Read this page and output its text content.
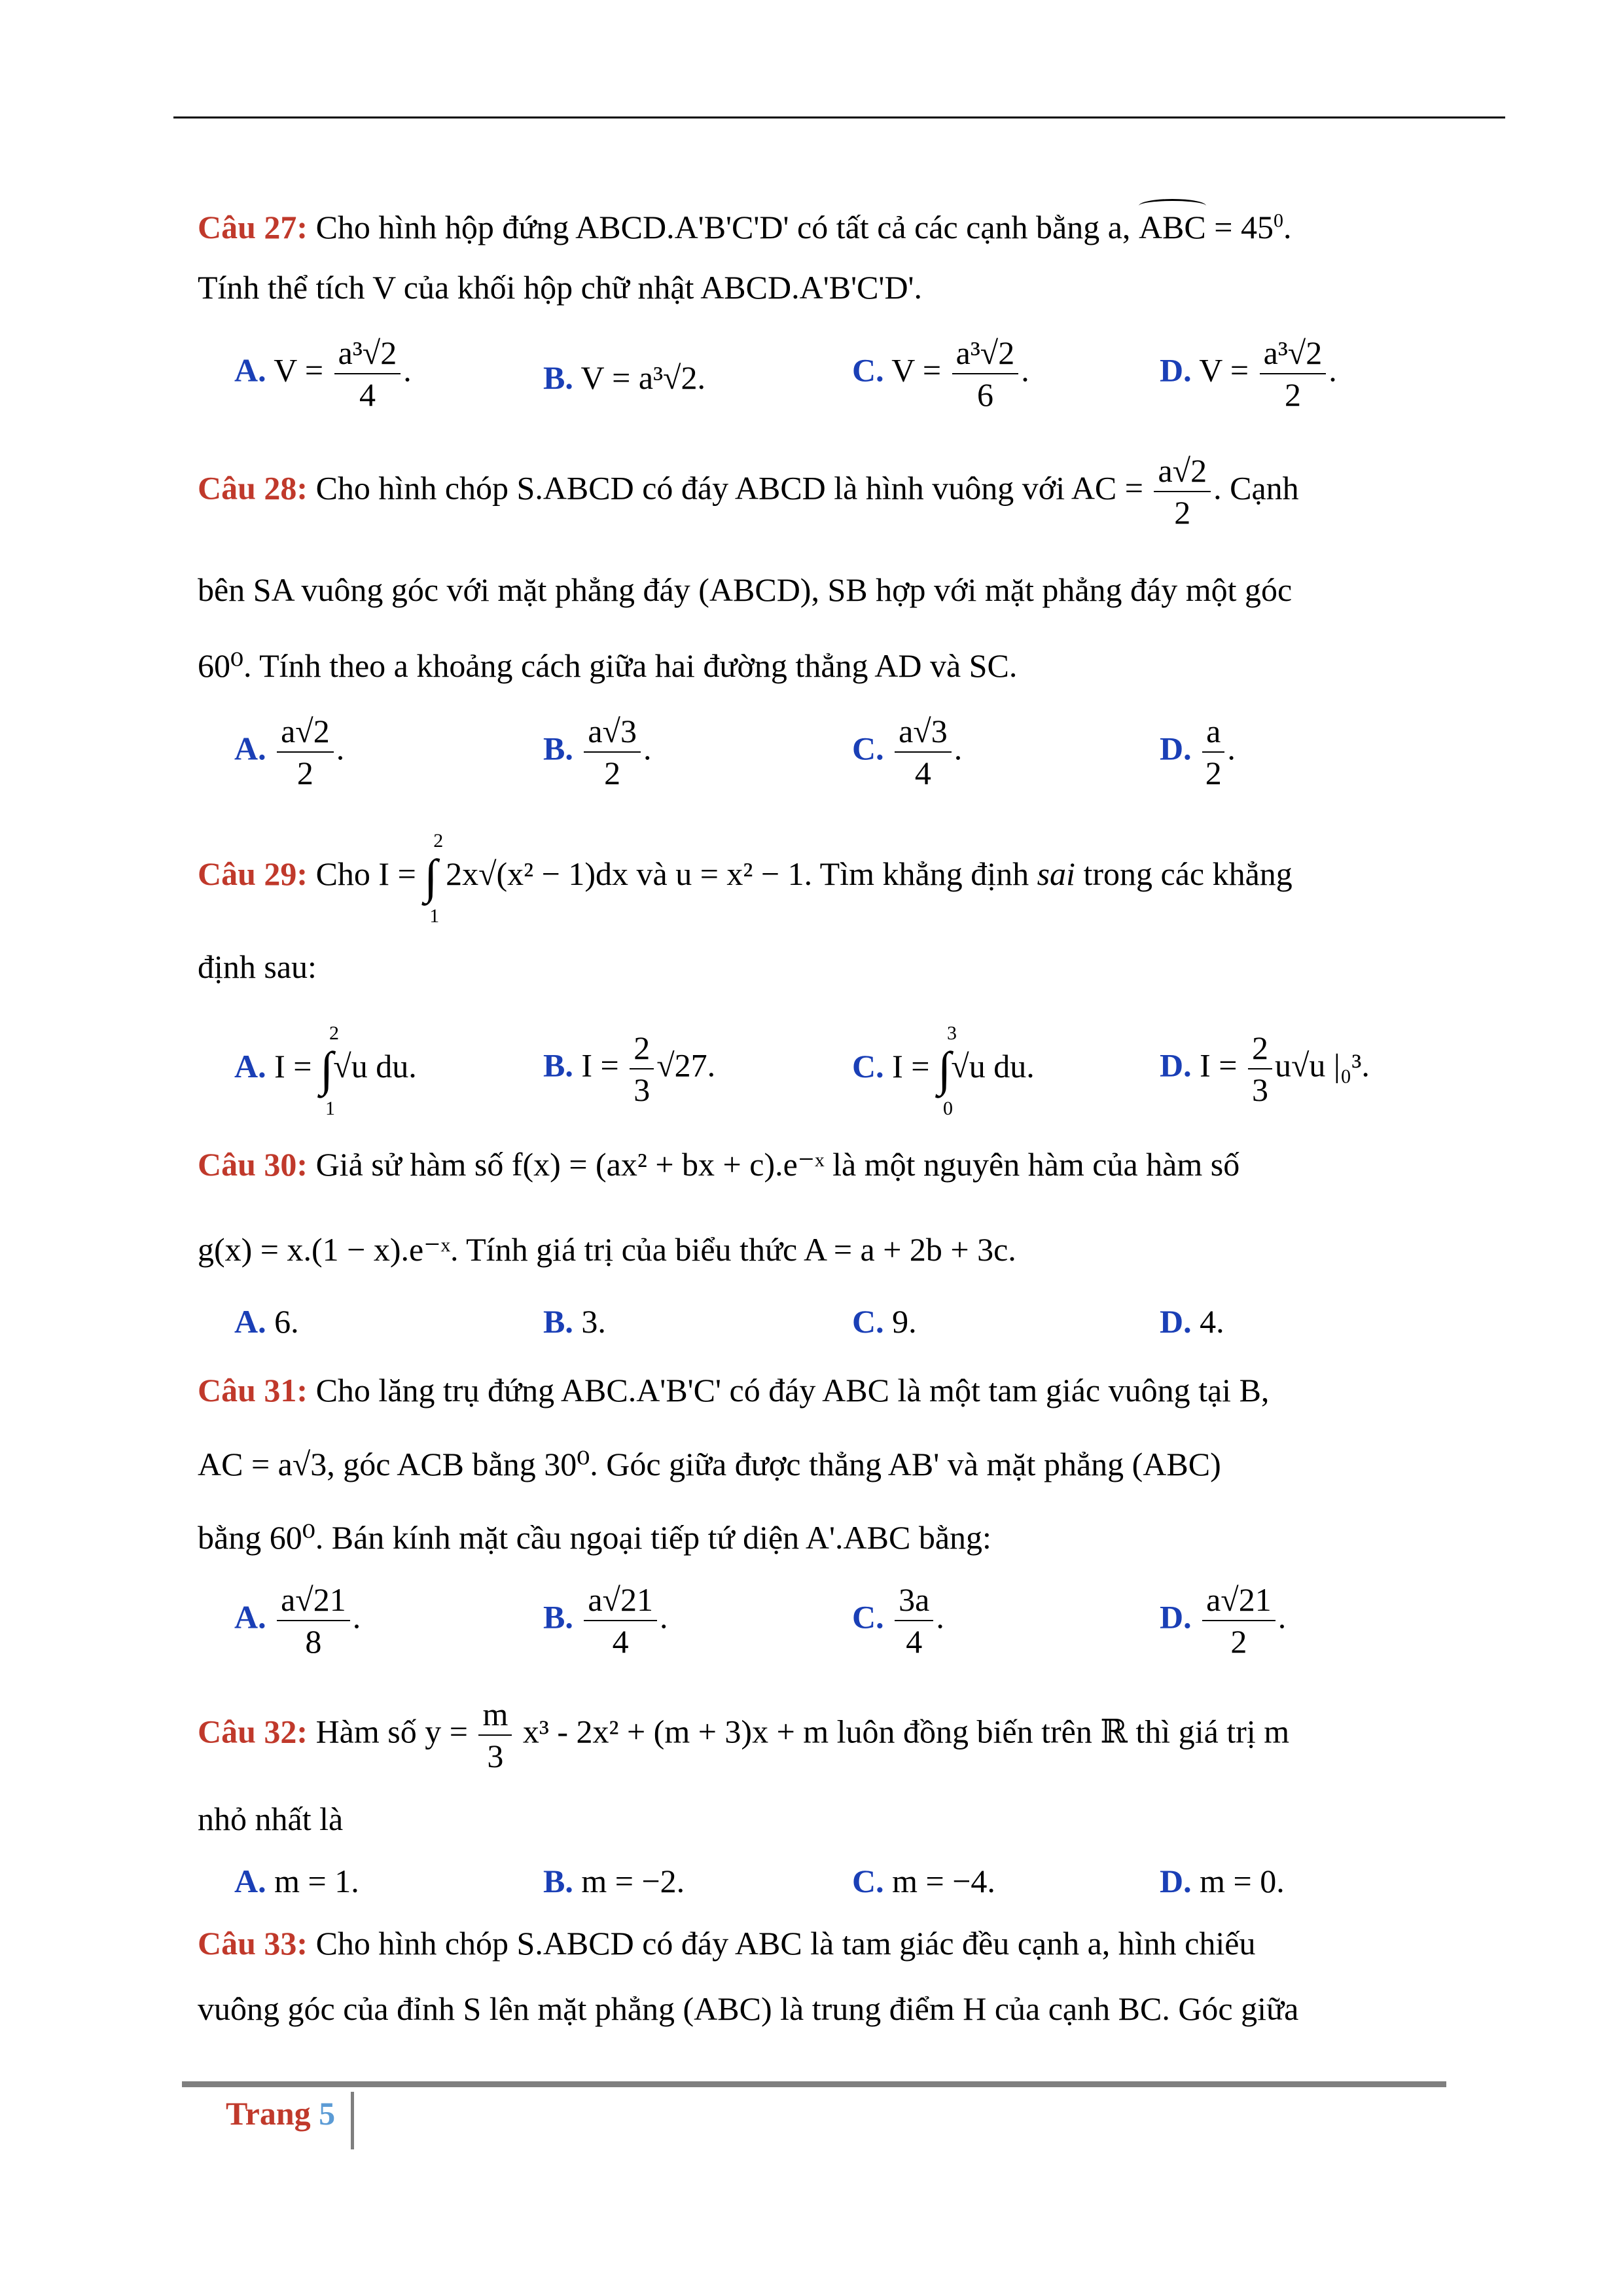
Câu 27: Cho hình hộp đứng ABCD.A'B'C'D' có tất cả các cạnh bằng a, ABC = $45^0$.
Tính thể tích V của khối hộp chữ nhật ABCD.A'B'C'D'.
A. $V = \frac{\text{a³√2}}{4}$ .	B. V = a³√2.	C. $V = \frac{\text{a³√2}}{6}$ .	D. $V = \frac{\text{a³√2}}{2}$ .
Câu 28: Cho hình chóp S.ABCD có đáy ABCD là hình vuông với AC = $\frac{a√2}{2}$ . Cạnh
bên SA vuông góc với mặt phẳng đáy (ABCD), SB hợp với mặt phẳng đáy một góc
60⁰. Tính theo a khoảng cách giữa hai đường thẳng AD và SC.
A. $\frac{a√2}{2}$ .	B. $\frac{a√3}{2}$ .	C. $\frac{a√3}{4}$ .	D. $\frac{a}{2}$ .
Câu 29: Cho I = ∫
2
1
2x√(x² − 1)dx và u = x² − 1. Tìm khẳng định sai trong các khẳng
định sau:
A. I = ∫
2
1
√u du.	B. $I = \frac{2}{3} √27$.	C. I = ∫
3
0
√u du.	D. $I = \frac{2}{3} u√u$ |₀³.
Câu 30: Giả sử hàm số f(x) = (ax² + bx + c).e⁻ˣ là một nguyên hàm của hàm số
g(x) = x.(1 − x).e⁻ˣ. Tính giá trị của biểu thức A = a + 2b + 3c.
A. 6.	B. 3.	C. 9.	D. 4.
Câu 31: Cho lăng trụ đứng ABC.A'B'C' có đáy ABC là một tam giác vuông tại B,
AC = a√3, góc ACB bằng 30⁰. Góc giữa được thẳng AB' và mặt phẳng (ABC)
bằng 60⁰. Bán kính mặt cầu ngoại tiếp tứ diện A'.ABC bằng:
A. $\frac{a√21}{8}$ .	B. $\frac{a√21}{4}$ .	C. $\frac{3a}{4}$ .	D. $\frac{a√21}{2}$ .
Câu 32: Hàm số $y = \frac{m}{3} x^3 - 2x^2 + (m + 3)x + m$ luôn đồng biến trên ℝ thì giá trị m
nhỏ nhất là
A. m = 1.	B. m = −2.	C. m = −4.	D. m = 0.
Câu 33: Cho hình chóp S.ABCD có đáy ABC là tam giác đều cạnh a, hình chiếu
vuông góc của đỉnh S lên mặt phẳng (ABC) là trung điểm H của cạnh BC. Góc giữa
Trang 5
